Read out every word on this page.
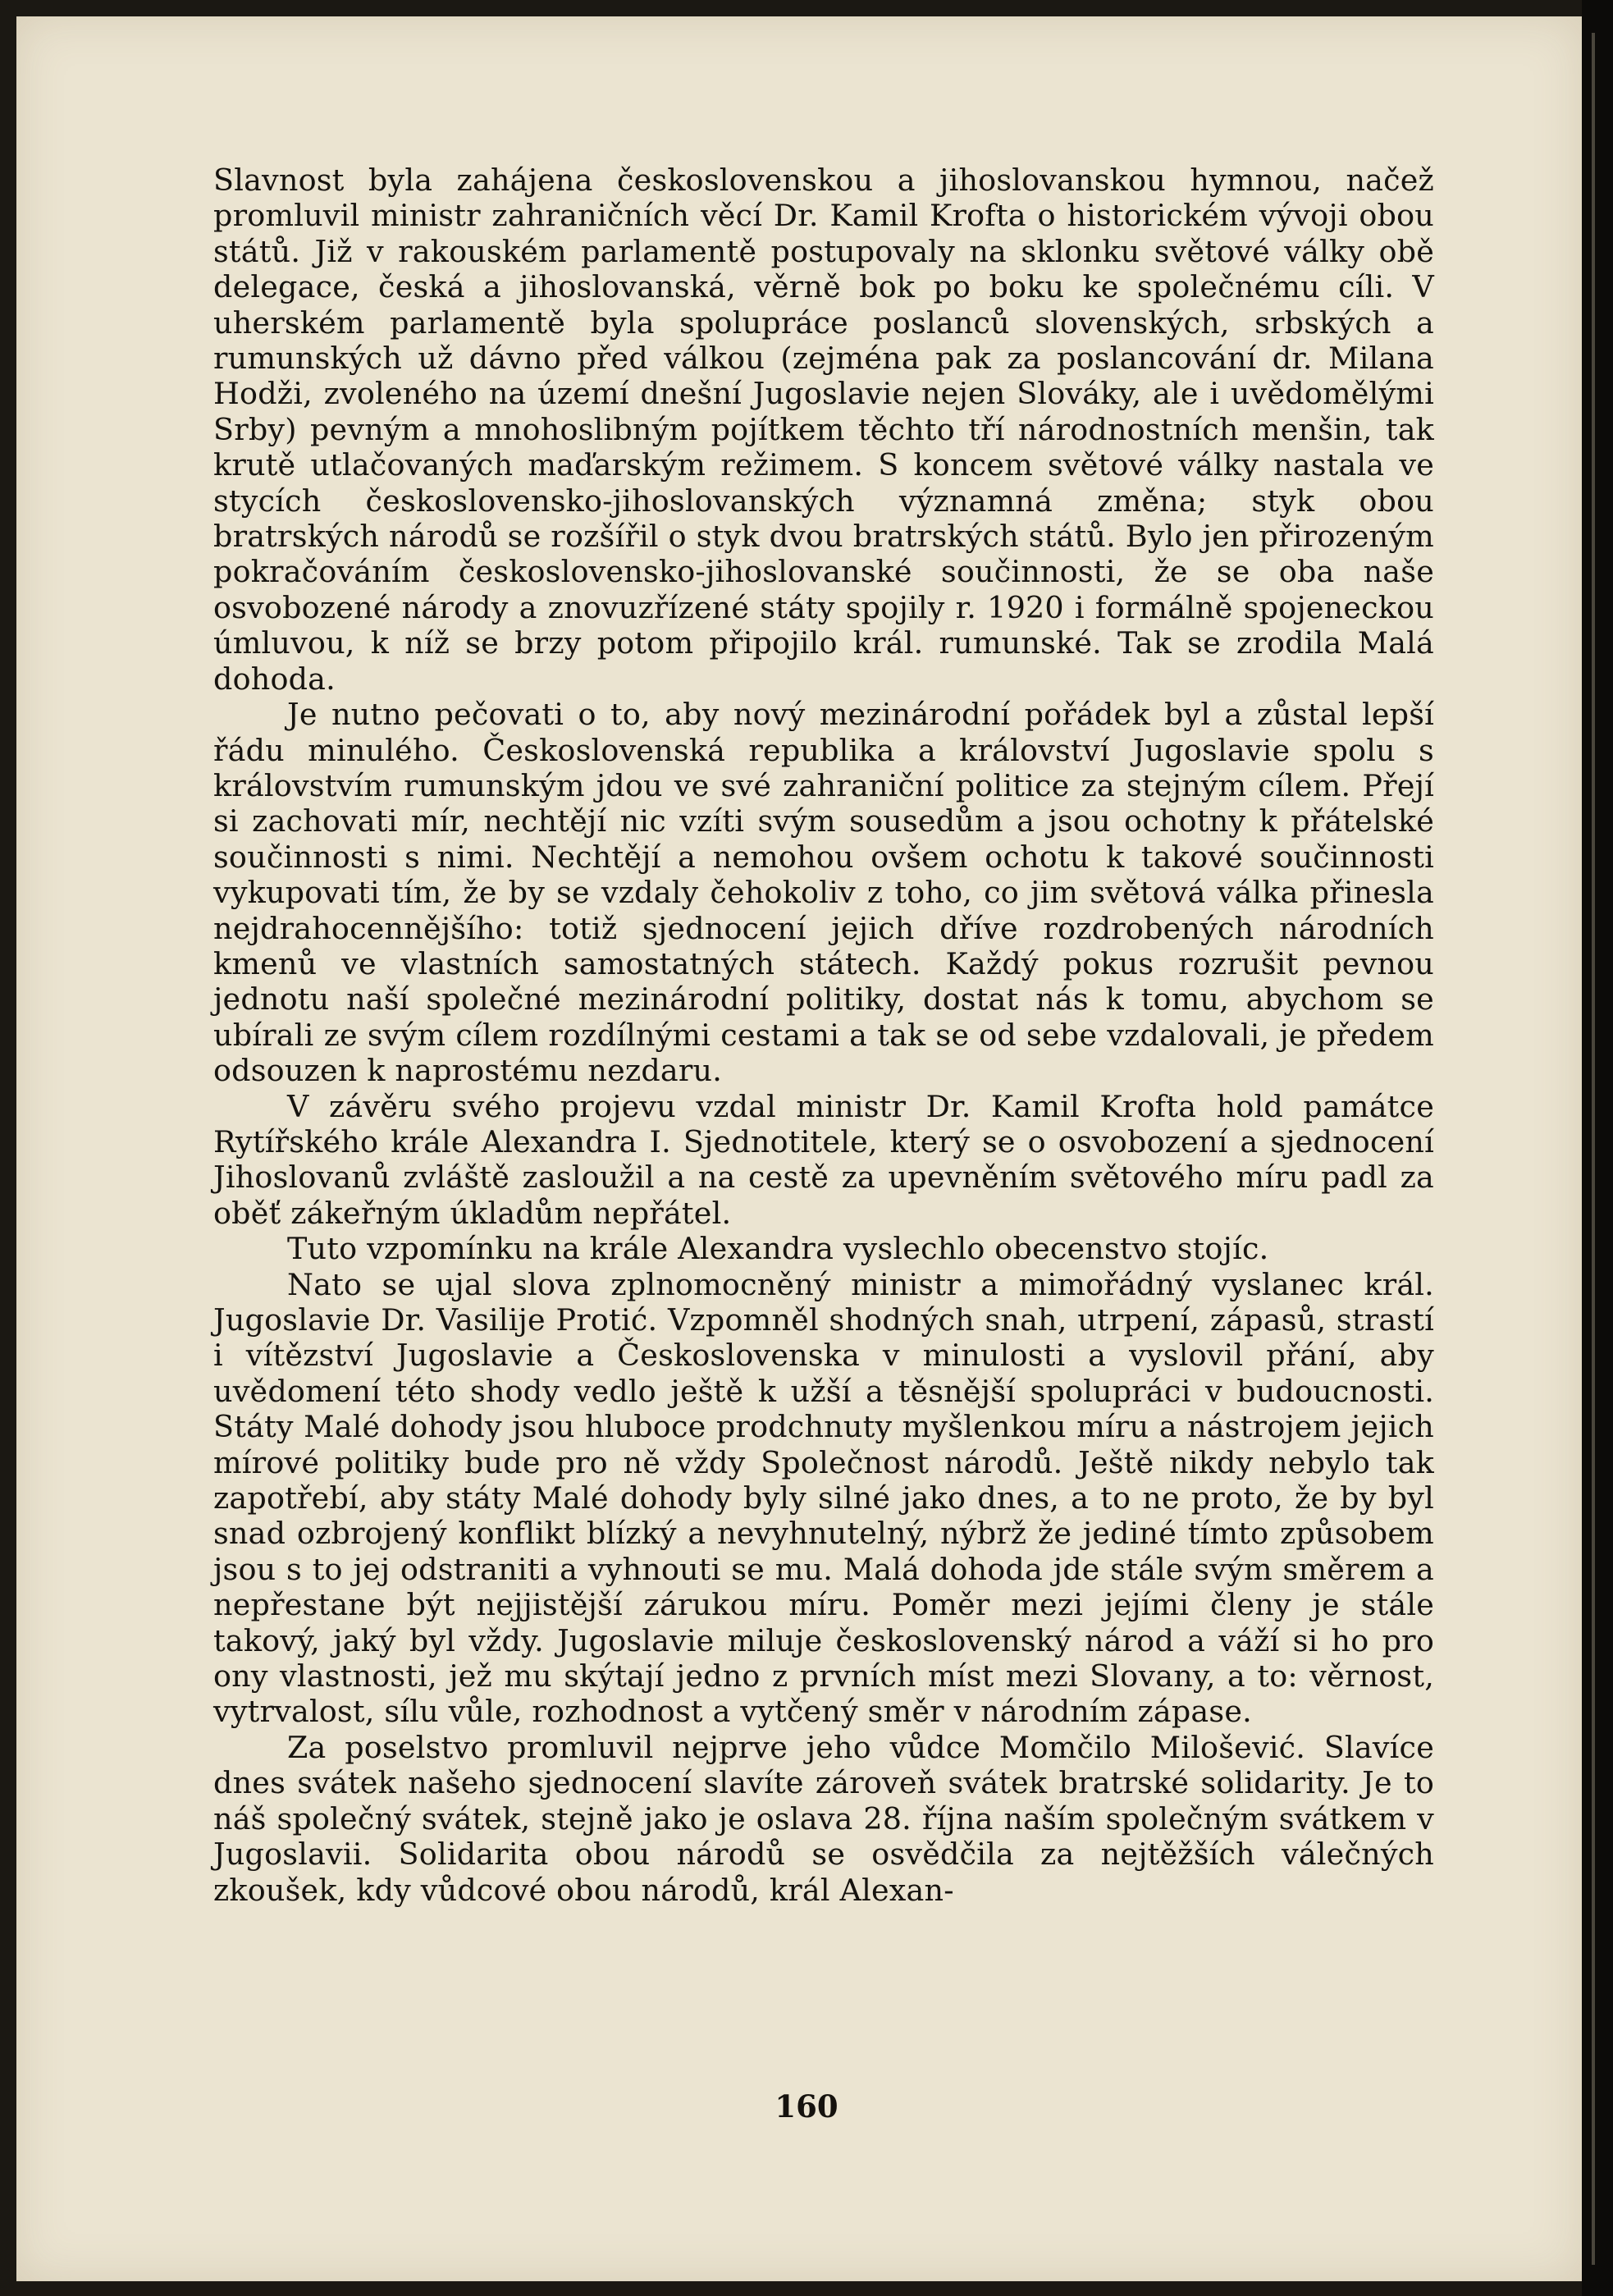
Slavnost byla zahájena československou a jihoslovanskou hymnou, načež promluvil ministr zahraničních věcí Dr. Kamil Krofta o historickém vývoji obou států. Již v rakouském parlamentě postupovaly na sklonku světové války obě delegace, česká a jihoslovanská, věrně bok po boku ke společnému cíli. V uherském parlamentě byla spolupráce poslanců slovenských, srbských a rumunských už dávno před válkou (zejména pak za poslancování dr. Milana Hodži, zvoleného na území dnešní Jugoslavie nejen Slováky, ale i uvědomělými Srby) pevným a mnohoslibným pojítkem těchto tří národnostních menšin, tak krutě utlačovaných maďarským režimem. S koncem světové války nastala ve stycích československo-jihoslovanských významná změna; styk obou bratrských národů se rozšířil o styk dvou bratrských států. Bylo jen přirozeným pokračováním československo-jihoslovanské součinnosti, že se oba naše osvobozené národy a znovuzřízené státy spojily r. 1920 i formálně spojeneckou úmluvou, k níž se brzy potom připojilo král. rumunské. Tak se zrodila Malá dohoda.

Je nutno pečovati o to, aby nový mezinárodní pořádek byl a zůstal lepší řádu minulého. Československá republika a království Jugoslavie spolu s královstvím rumunským jdou ve své zahraniční politice za stejným cílem. Přejí si zachovati mír, nechtějí nic vzíti svým sousedům a jsou ochotny k přátelské součinnosti s nimi. Nechtějí a nemohou ovšem ochotu k takové součinnosti vykupovati tím, že by se vzdaly čehokoliv z toho, co jim světová válka přinesla nejdrahocennějšího: totiž sjednocení jejich dříve rozdrobených národních kmenů ve vlastních samostatných státech. Každý pokus rozrušit pevnou jednotu naší společné mezinárodní politiky, dostat nás k tomu, abychom se ubírali ze svým cílem rozdílnými cestami a tak se od sebe vzdalovali, je předem odsouzen k naprostému nezdaru.

V závěru svého projevu vzdal ministr Dr. Kamil Krofta hold památce Rytířského krále Alexandra I. Sjednotitele, který se o osvobození a sjednocení Jihoslovanů zvláště zasloužil a na cestě za upevněním světového míru padl za oběť zákeřným úkladům nepřátel.

Tuto vzpomínku na krále Alexandra vyslechlo obecenstvo stojíc.

Nato se ujal slova zplnomocněný ministr a mimořádný vyslanec král. Jugoslavie Dr. Vasilije Protić. Vzpomněl shodných snah, utrpení, zápasů, strastí i vítězství Jugoslavie a Československa v minulosti a vyslovil přání, aby uvědomení této shody vedlo ještě k užší a těsnější spolupráci v budoucnosti. Státy Malé dohody jsou hluboce prodchnuty myšlenkou míru a nástrojem jejich mírové politiky bude pro ně vždy Společnost národů. Ještě nikdy nebylo tak zapotřebí, aby státy Malé dohody byly silné jako dnes, a to ne proto, že by byl snad ozbrojený konflikt blízký a nevyhnutelný, nýbrž že jediné tímto způsobem jsou s to jej odstraniti a vyhnouti se mu. Malá dohoda jde stále svým směrem a nepřestane být nejjistější zárukou míru. Poměr mezi jejími členy je stále takový, jaký byl vždy. Jugoslavie miluje československý národ a váží si ho pro ony vlastnosti, jež mu skýtají jedno z prvních míst mezi Slovany, a to: věrnost, vytrvalost, sílu vůle, rozhodnost a vytčený směr v národním zápase.

Za poselstvo promluvil nejprve jeho vůdce Momčilo Milošević. Slavíce dnes svátek našeho sjednocení slavíte zároveň svátek bratrské solidarity. Je to náš společný svátek, stejně jako je oslava 28. října naším společným svátkem v Jugoslavii. Solidarita obou národů se osvědčila za nejtěžších válečných zkoušek, kdy vůdcové obou národů, král Alexan-

160
